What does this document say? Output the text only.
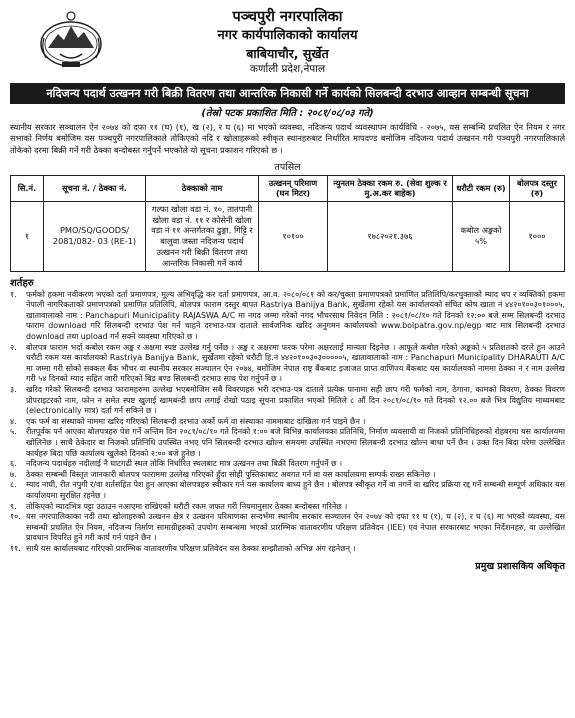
पञ्चपुरी नगरपालिका
नगर कार्यपालिकाको कार्यालय
बाबियाचौर, सुर्खेत
कर्णाली प्रदेश,नेपाल
नदिजन्य पदार्थ उत्खनन गरी बिक्री वितरण तथा आन्तरिक निकासी गर्ने कार्यको सिलबन्दी दरभाउ आव्हान सम्बन्धी सूचना
(तेस्रो पटक प्रकाशित मिति : २०८१/०८/०३ गते)
स्थानीय सरकार सञ्चालन ऐन २०७४ को दफा ११ (घ) (१), ख (२), र घ (६) मा भएको व्यवस्था, नदिजन्य पदार्थ व्यवस्थापन कार्यविधि - २०७५, यस सम्बन्धि प्रचलित ऐन नियम र नगर सभाको निर्णय बमोजिम यस पञ्चपुरी नगरपालिकाले तोकिएको नदि र खोलाहरूको स्वीकृत स्थानहरुबाट निर्धारित मापदण्ड बमोजिम नदिजन्य पदार्थ उत्खनन गरी पञ्चपुरी नगरपालिकाले तोकेको दरमा बिक्री गर्ने गरी ठेक्का बन्दोबस्त गर्नुपर्ने भएकोले यो सूचना प्रकाशन गरिएको छ ।
तपसिल
सि.नं.	सूचना नं. / ठेक्का नं.	ठेक्काको नाम	उत्खनन् परिमाण (घन मिटर)	न्युनतम ठेक्का रकम रु. (सेवा शुल्क र मु.अ.कर बाहेक)	धरौटी रकम (रु)	बोलपत्र दस्तुर (रु)
१	PMO/SQ/GOODS/ 2081/082- 03 (RE-1)	गल्फा खोला वडा नं. १०, तातपानी खोला वडा नं. ११ र कोसेनी खोला वडा नं ११ अन्तर्गतका ढुङ्गा, गिट्टि र बालुवा जस्ता नदिजन्य पदार्थ उत्खनन गरी बिक्री वितरण तथा आन्तरिक निकासी गर्ने कार्य	१०१००	१७८२०२१.३७६	कबोल अङ्कको ५%	१०००
शर्तहरु
१.	फर्मको हकमा नवीकरण भएको दर्ता प्रमाणपत्र, मूल्य अभिवृद्धि कर दर्ता प्रमाणपत्र, आ.व. २०८०/०८१ को कर/चुक्ता प्रमाणपत्रको प्रमाणित प्रतिलिपि/करचुक्ताको म्याद थप र व्यक्तिको हकमा नेपाली नागरिकताको प्रमाणपत्रको प्रमाणित प्रतिलिपि, बोलपत्र फाराम दस्तुर बापत Rastriya Banijya Bank, सुर्खेतमा रहेको यस कार्यालयको संचित कोष खाता नं ४४२०१००३०१०००५, खातावालाको नाम : Panchapuri Municipality RAJASWA A/C मा नगद जम्मा गरेको नगद भौचरसाथ निवेदन मिति : २०८१/०८/१० गते दिनको १२:०० बजे सम्म सिलबन्दी दरभाउ फाराम download गरि सिलबन्दी दरभाउ पेश गर्न चाहने दरभाउ-पत्र दाताले सार्वजनिक खरिद अनुगमन कार्यालयको www.bolpatra.gov.np/egp बाट मात्र सिलबन्दी दरभाउ download तथा upload गर्न सक्ने व्यवस्था गरिएको छ ।
२.	बोलपत्र फाराम भर्दा कबोल रकम अङ्क र अक्षमा स्पष्ट उल्लेख गर्नु पर्नेछ । अङ्क र अक्षरमा फरक परेमा अक्षरलाई मान्यता दिइनेछ । आफूले कबोल गरेको अङ्कको ५ प्रतिशतको दरले हुन आउने धरौटी रकम यस कार्यालयको Rastriya Banijya Bank, सुर्खेतमा रहेको धरौटी हि.नं ४४२०१००३०३०००००५, खातावालाको नाम : Panchapuri Municipality DHARAUTI A/C मा जम्मा गरी सोको सक्कल बैंक भौचर वा स्थानीय सरकार सञ्चालन ऐन २०७४, बमोजिम नेपाल राष्ट्र बैंकबाट इजाजत प्राप्त वाणिज्य बैंकबाट यस कार्यालयको नाममा ठेक्का नं र नाम उल्लेख गरी ५४ दिनको म्याद सहित जारी गरिएको बिड बण्ड सिलबन्दी दरभाउ साथ पेश गर्नुपर्ने छ ।
३.	खरिद गरेको सिलबन्दी दरभाउ फारामहरुमा उल्लेख भएबमोजिम सबै विवरणहरु भरी दरभाउ-पत्र दाताले प्रत्येक पानामा सही छाप गरी फर्मको नाम, ठेगाना, कामको विवरण, ठेक्का विवरण प्रोपराइटरको नाम, फोन न समेत स्पष्ट खुलाई खामबन्दी छाप लगाई रोखो पठाइ सूचना प्रकाशित भएको मितिले ८ औं दिन २०८१/०८/१० गते दिनको १२.०० बजे भित्र विद्युतिय माध्यमबाट (electronically मात्र) दर्ता गर्न सकिने छ ।
४.	एक फर्म वा संस्थाको नाममा खरिद गरिएको सिलबन्दी दरभाउ अर्को फर्म वा संस्थाका नाममाबाट दाखिला गर्न पाइने छैन ।
५.	रीतपूर्वक पर्न आएका बोलपत्रहरु पेश गर्ने अन्तिम दिन २०८१/०८/१० गते दिनको १:०० बजे विभिन्न कार्यालयका प्रतिनिधि, निर्माण व्यवसायी वा निजको प्रतिनिधिहरुको रोहबरमा यस कार्यालयमा खोलिनेछ । साथै ठेकेदार वा निजको प्रतिनिधि उपस्थित नभए पनि सिलबन्दी दरभाउ खोल्न समयमा उपस्थित नभएमा सिलबन्दी दरभाउ खोल्न बाधा पर्ने छैन । उक्त दिन बिदा परेमा उल्लेखित कार्यहरु बिदा पछि कार्यालय खुलेको दिनको २:०० बजे हुनेछ ।
६.	नदिजन्य पदार्थहरु नदीलाई नै घाटगढी स्थल तोकि निर्धारित स्थलबाट मात्र उत्खनन तथा बिक्री वितरण गर्नुपर्ने छ ।
७.	ठेक्का सम्बन्धी विस्तृत जानकारी बोलपत्र फाराममा उल्लेख गरिएको हुँदा सोही पुस्तिकाबाट अवगत गर्न वा यस कार्यालयमा सम्पर्क राख्न सकिनेछ ।
८.	म्याद नाघी, रीत नपुगी र/वा शर्तसहित पेश हुन आएका बोलपत्रहरु स्वीकार गर्न यस कार्यालय बाध्य हुने छैन । बोलपत्र स्वीकृत गर्ने वा नगर्ने वा खरिद प्रक्रिया रद्द गर्ने सम्बन्धी सम्पूर्ण अधिकार यस कार्यालयमा सुरक्षित रहनेछ ।
९.	तोकिएको म्यादभित्र पट्टा उठाउन नआएमा राखिएको धरौटी रकम जफत गरी नियमानुसार ठेक्का बन्दोबस्त गरिनेछ ।
१०. यस नगरपालिकाका नदी तथा खोलाहरुको उत्खनन क्षेत्र र उत्खनन परिमाणका सन्दर्भमा स्थानीय सरकार सञ्चालन ऐन २०७४ को दफा ११ घ (१), घ (२), र घ (६) मा भएको व्यवस्था, यस सम्बन्धी प्रचलित ऐन नियम, नदिजन्य निर्माण सामाग्रीहरुको उपयोग सम्बन्धमा भएको प्रारम्भिक वातावरणीय परिक्षण प्रतिवेदन (IEE) एवं नेपाल सरकारबाट भएका निर्देशनहरु, वा उल्लेखित प्रावधान विपरित हुने गरी कार्य गर्न पाइने छैन ।
११. साथै यस कार्यालयबाट गरिएको प्रारम्भिक वातावरणीय परिक्षण प्रतिवेदन यस ठेक्का सम्झौताको अभिन्न अंग रहनेछन् ।
प्रमुख प्रशासकिय अधिकृत
